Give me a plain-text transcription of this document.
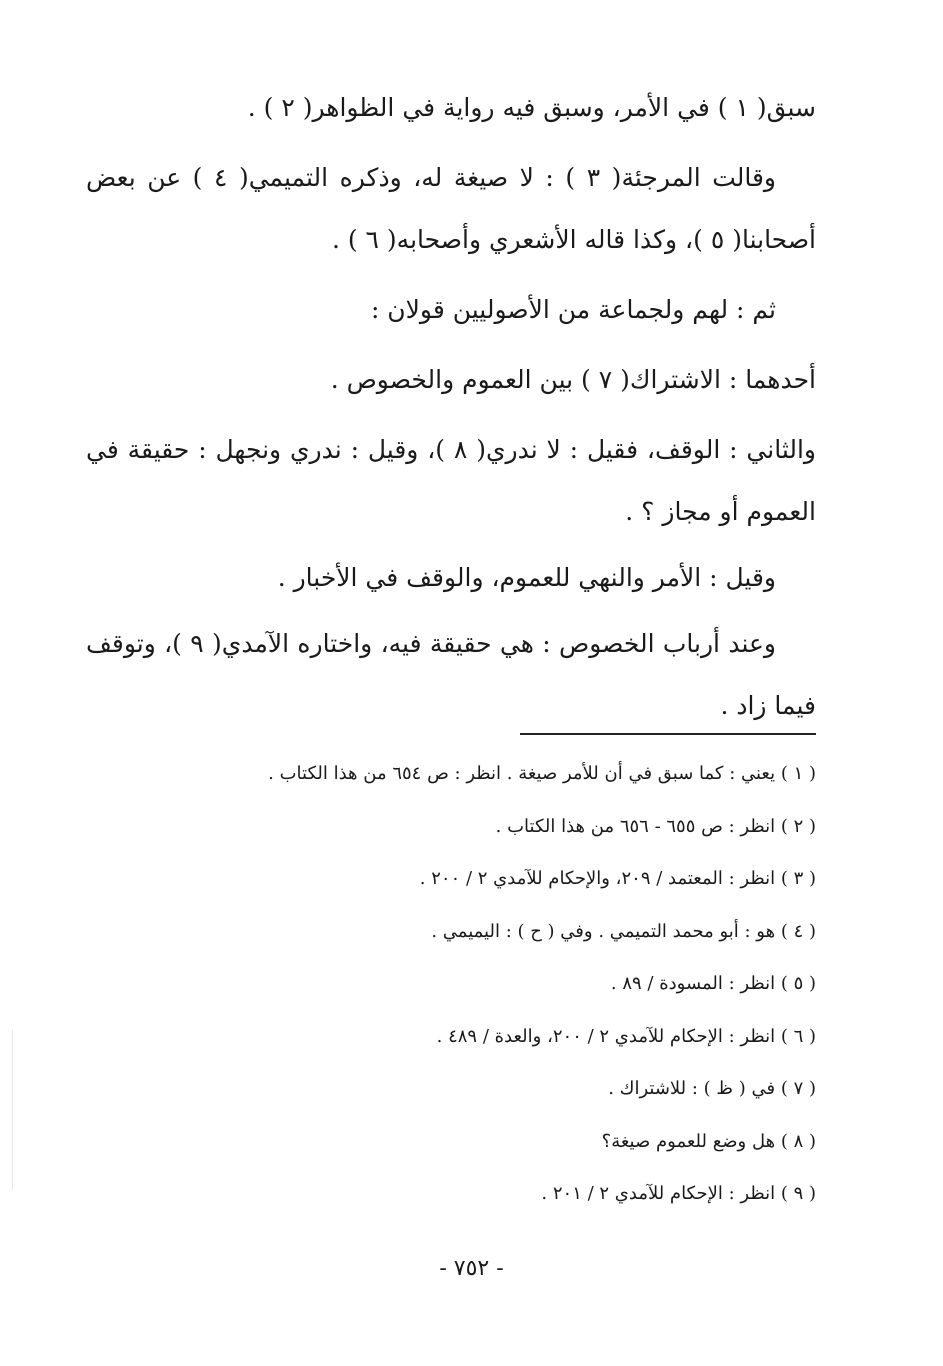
سبق( ١ ) في الأمر، وسبق فيه رواية في الظواهر( ٢ ) .

وقالت المرجئة( ٣ ) : لا صيغة له، وذكره التميمي( ٤ ) عن بعض أصحابنا( ٥ )، وكذا قاله الأشعري وأصحابه( ٦ ) .

ثم : لهم ولجماعة من الأصوليين قولان :

أحدهما : الاشتراك( ٧ ) بين العموم والخصوص .

والثاني : الوقف، فقيل : لا ندري( ٨ )، وقيل : ندري ونجهل : حقيقة في العموم أو مجاز ؟ .

وقيل : الأمر والنهي للعموم، والوقف في الأخبار .

وعند أرباب الخصوص : هي حقيقة فيه، واختاره الآمدي( ٩ )، وتوقف فيما زاد .

( ١ ) يعني : كما سبق في أن للأمر صيغة . انظر : ص ٦٥٤ من هذا الكتاب .
( ٢ ) انظر : ص ٦٥٥ - ٦٥٦ من هذا الكتاب .
( ٣ ) انظر : المعتمد / ٢٠٩، والإحكام للآمدي ٢ / ٢٠٠ .
( ٤ ) هو : أبو محمد التميمي . وفي ( ح ) : اليميمي .
( ٥ ) انظر : المسودة / ٨٩ .
( ٦ ) انظر : الإحكام للآمدي ٢ / ٢٠٠، والعدة / ٤٨٩ .
( ٧ ) في ( ظ ) : للاشتراك .
( ٨ ) هل وضع للعموم صيغة؟
( ٩ ) انظر : الإحكام للآمدي ٢ / ٢٠١ .
- ٧٥٢ -
